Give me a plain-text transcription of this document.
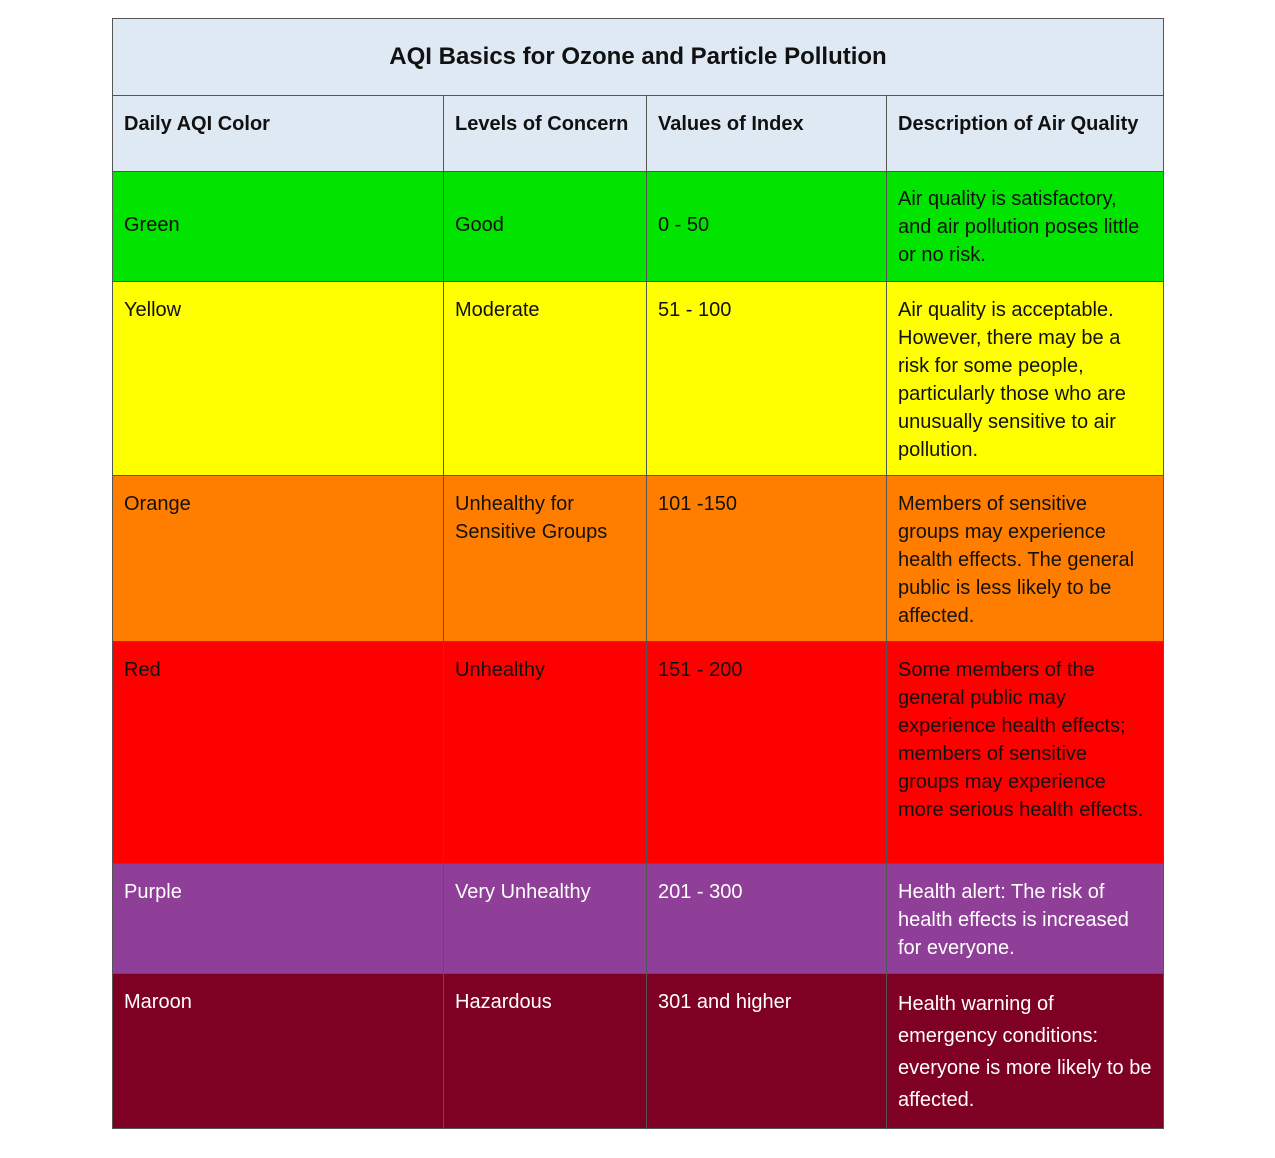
AQI Basics for Ozone and Particle Pollution			

Daily AQI Color	Levels of Concern	Values of Index	Description of Air Quality

Green	Good	0 - 50	Air quality is satisfactory, and air pollution poses little or no risk.

Yellow	Moderate	51 - 100	Air quality is acceptable. However, there may be a risk for some people, particularly those who are unusually sensitive to air pollution.

Orange	Unhealthy for Sensitive Groups	101 -150	Members of sensitive groups may experience health effects. The general public is less likely to be affected.

Red	Unhealthy	151 - 200	Some members of the general public may experience health effects; members of sensitive groups may experience more serious health effects.

Purple	Very Unhealthy	201 - 300	Health alert: The risk of health effects is increased for everyone.

Maroon	Hazardous	301 and higher	Health warning of emergency conditions: everyone is more likely to be affected.
